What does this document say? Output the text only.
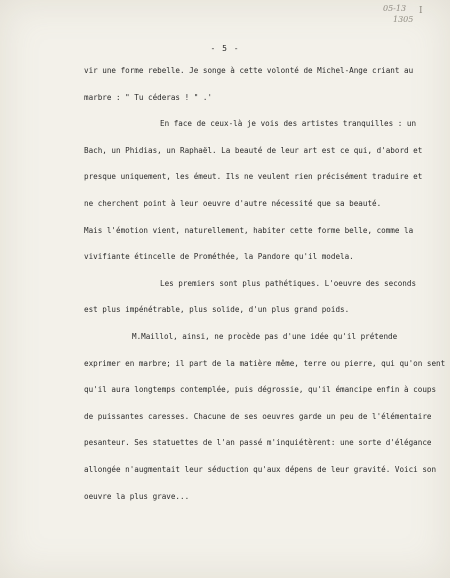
05-13
1305
I
- 5 -
vir une forme rebelle. Je songe à cette volonté de Michel-Ange criant au
marbre : " Tu céderas ! " .'
En face de ceux-là je vois des artistes tranquilles : un
Bach, un Phidias, un Raphaël. La beauté de leur art est ce qui, d'abord et
presque uniquement, les émeut. Ils ne veulent rien précisément traduire et
ne cherchent point à leur oeuvre d'autre nécessité que sa beauté.
Mais l'émotion vient, naturellement, habiter cette forme belle, comme la
vivifiante étincelle de Prométhée, la Pandore qu'il modela.
Les premiers sont plus pathétiques. L'oeuvre des seconds
est plus impénétrable, plus solide, d'un plus grand poids.
M.Maillol, ainsi, ne procède pas d'une idée qu'il prétende
exprimer en marbre; il part de la matière même, terre ou pierre, qui qu'on sent
qu'il aura longtemps contemplée, puis dégrossie, qu'il émancipe enfin à coups
de puissantes caresses. Chacune de ses oeuvres garde un peu de l'élémentaire
pesanteur. Ses statuettes de l'an passé m'inquiétèrent: une sorte d'élégance
allongée n'augmentait leur séduction qu'aux dépens de leur gravité. Voici son
oeuvre la plus grave...
